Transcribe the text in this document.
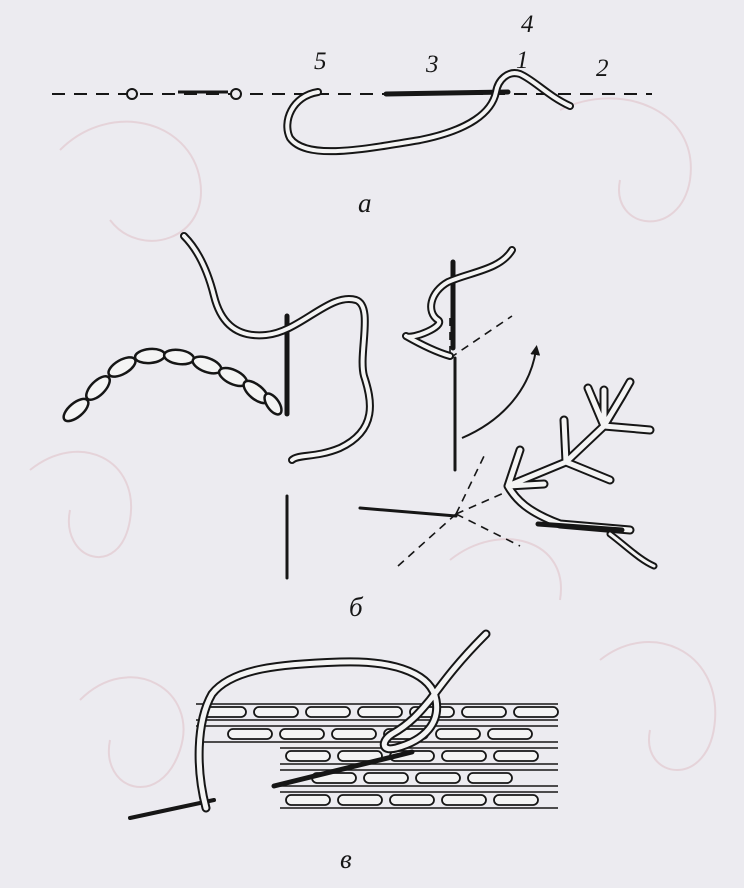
5	3
4
1	2
а
б
в
